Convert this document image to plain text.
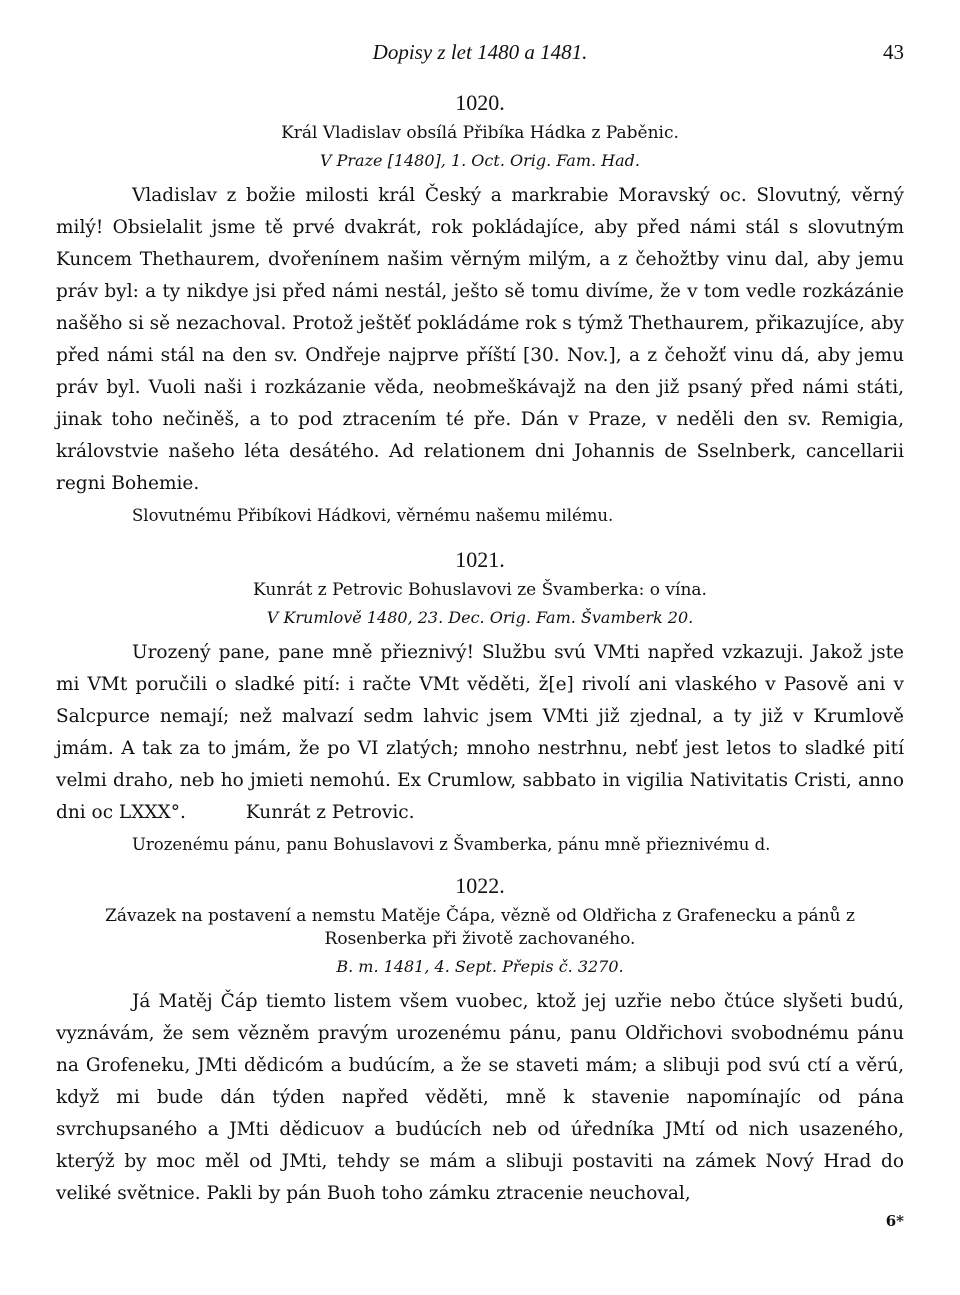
Dopisy z let 1480 a 1481.	43
1020.
Král Vladislav obsílá Přibíka Hádka z Paběnic.
V Praze [1480], 1. Oct. Orig. Fam. Had.

Vladislav z božie milosti král Český a markrabie Moravský oc. Slovutný, věrný milý! Obsielalit jsme tě prvé dvakrát, rok pokládajíce, aby před námi stál s slovutným Kuncem Thethaurem, dvořenínem našim věrným milým, a z čehožtby vinu dal, aby jemu práv byl: a ty nikdye jsi před námi nestál, ješto sě tomu divíme, že v tom vedle rozkázánie našěho si sě nezachoval. Protož ještěť pokládáme rok s týmž Thethaurem, přikazujíce, aby před námi stál na den sv. Ondřeje najprve příští [30. Nov.], a z čehožť vinu dá, aby jemu práv byl. Vuoli naši i rozkázanie věda, neobmeškávajž na den již psaný před námi státi, jinak toho nečiněš, a to pod ztracením té pře. Dán v Praze, v neděli den sv. Remigia, královstvie našeho léta desátého. Ad relationem dni Johannis de Sselnberk, cancellarii regni Bohemie.

Slovutnému Přibíkovi Hádkovi, věrnému našemu milému.
1021.
Kunrát z Petrovic Bohuslavovi ze Švamberka: o vína.
V Krumlově 1480, 23. Dec. Orig. Fam. Švamberk 20.

Urozený pane, pane mně přieznivý! Službu svú VMti napřed vzkazuji. Jakož jste mi VMt poručili o sladké pití: i račte VMt věděti, ž[e] rivolí ani vlaského v Pasově ani v Salcpurce nemají; než malvazí sedm lahvic jsem VMti již zjednal, a ty již v Krumlově jmám. A tak za to jmám, že po VI zlatých; mnoho nestrhnu, nebť jest letos to sladké pití velmi draho, neb ho jmieti nemohú. Ex Crumlow, sabbato in vigilia Nativitatis Cristi, anno dni oc LXXX°.	Kunrát z Petrovic.

Urozenému pánu, panu Bohuslavovi z Švamberka, pánu mně přieznivému d.
1022.
Závazek na postavení a nemstu Matěje Čápa, vězně od Oldřicha z Grafenecku a pánů z Rosenberka při životě zachovaného.
B. m. 1481, 4. Sept. Přepis č. 3270.

Já Matěj Čáp tiemto listem všem vuobec, ktož jej uzřie nebo čtúce slyšeti budú, vyznávám, že sem vězněm pravým urozenému pánu, panu Oldřichovi svobodnému pánu na Grofeneku, JMti dědicóm a budúcím, a že se staveti mám; a slibuji pod svú ctí a věrú, když mi bude dán týden napřed věděti, mně k stavenie napomínajíc od pána svrchupsaného a JMti dědicuov a budúcích neb od úředníka JMtí od nich usazeného, kterýž by moc měl od JMti, tehdy se mám a slibuji postaviti na zámek Nový Hrad do veliké světnice. Pakli by pán Buoh toho zámku ztracenie neuchoval,

6*
